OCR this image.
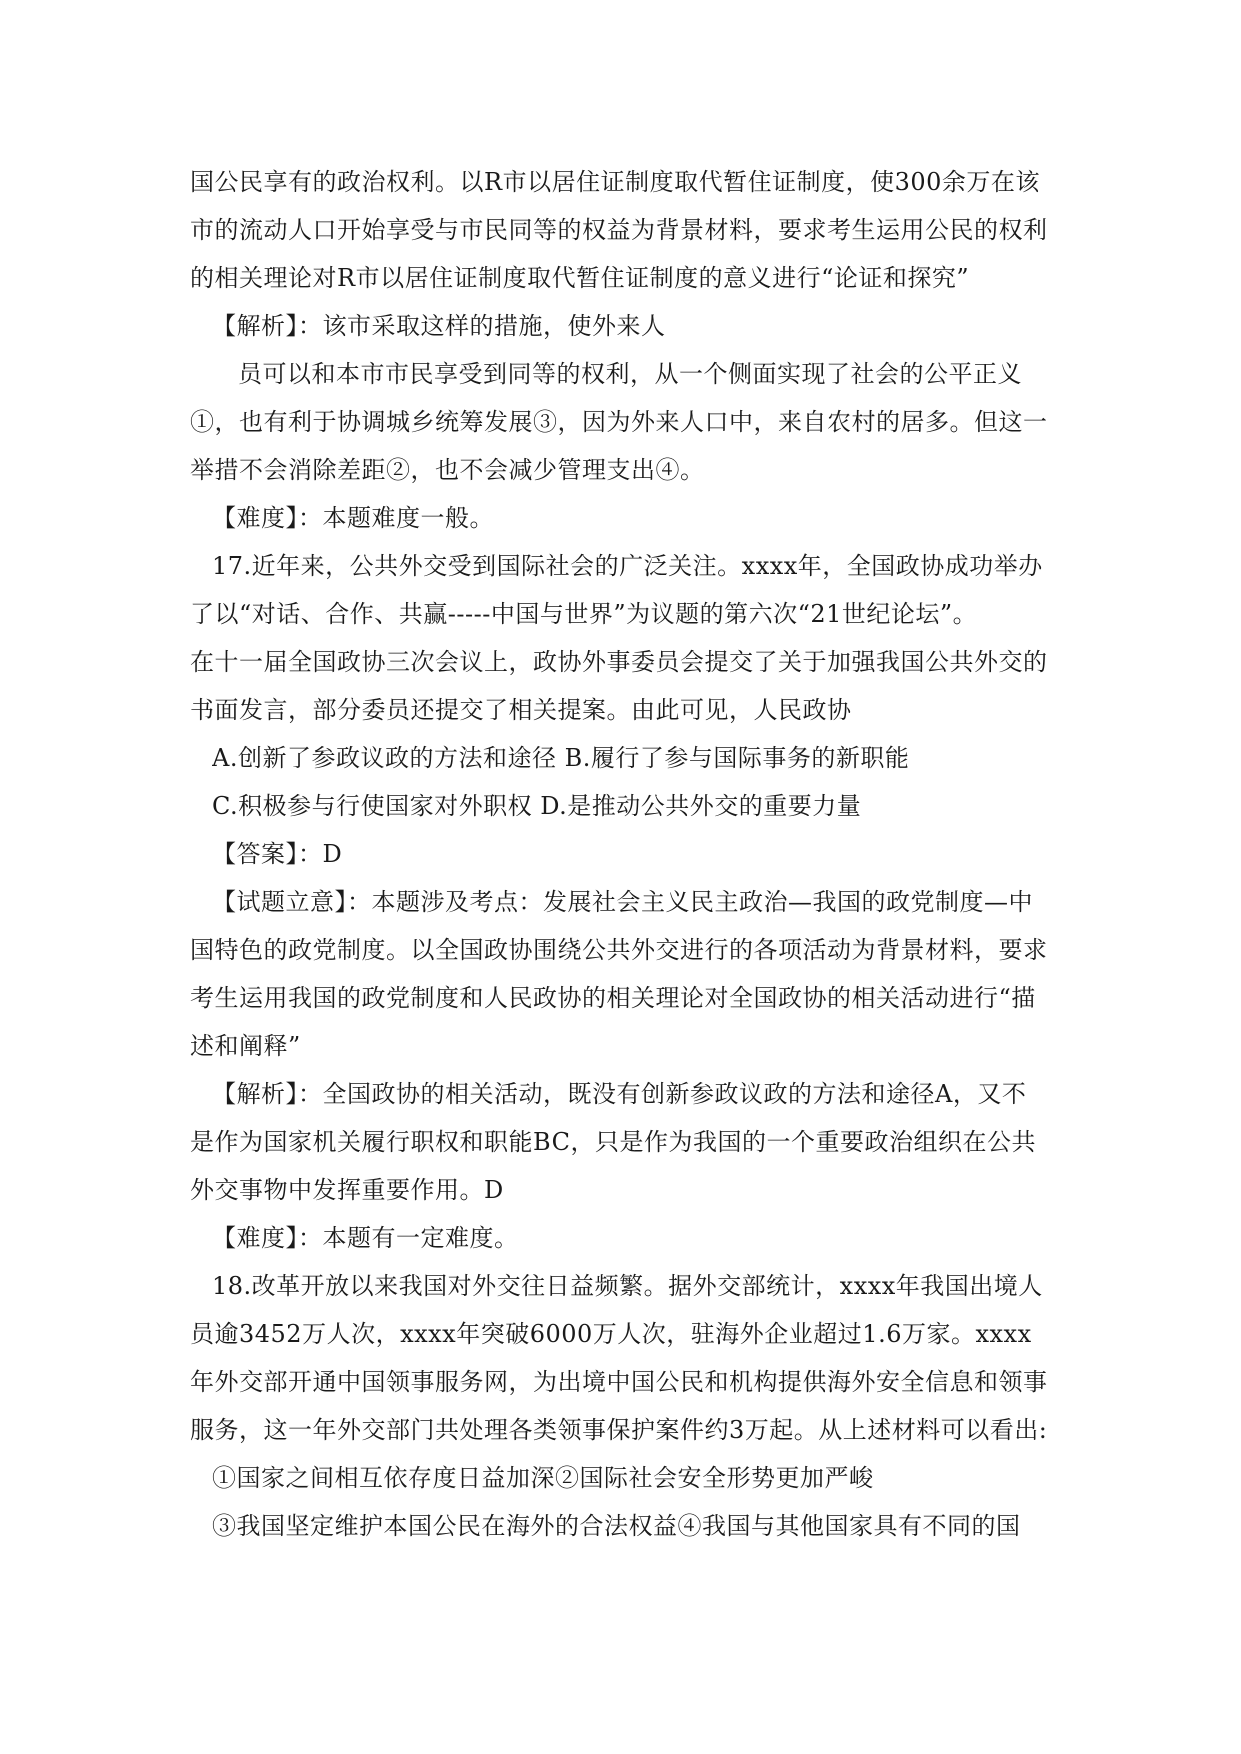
国公民享有的政治权利。以R市以居住证制度取代暂住证制度，使300余万在该
市的流动人口开始享受与市民同等的权益为背景材料，要求考生运用公民的权利
的相关理论对R市以居住证制度取代暂住证制度的意义进行“论证和探究”
【解析】：该市采取这样的措施，使外来人
员可以和本市市民享受到同等的权利，从一个侧面实现了社会的公平正义
①，也有利于协调城乡统筹发展③，因为外来人口中，来自农村的居多。但这一
举措不会消除差距②，也不会减少管理支出④。
【难度】：本题难度一般。
17.近年来，公共外交受到国际社会的广泛关注。xxxx年，全国政协成功举办
了以“对话、合作、共赢-----中国与世界”为议题的第六次“21世纪论坛”。
在十一届全国政协三次会议上，政协外事委员会提交了关于加强我国公共外交的
书面发言，部分委员还提交了相关提案。由此可见，人民政协
A.创新了参政议政的方法和途径 B.履行了参与国际事务的新职能
C.积极参与行使国家对外职权 D.是推动公共外交的重要力量
【答案】：D
【试题立意】：本题涉及考点：发展社会主义民主政治—我国的政党制度—中
国特色的政党制度。以全国政协围绕公共外交进行的各项活动为背景材料，要求
考生运用我国的政党制度和人民政协的相关理论对全国政协的相关活动进行“描
述和阐释”
【解析】：全国政协的相关活动，既没有创新参政议政的方法和途径A，又不
是作为国家机关履行职权和职能BC，只是作为我国的一个重要政治组织在公共
外交事物中发挥重要作用。D
【难度】：本题有一定难度。
18.改革开放以来我国对外交往日益频繁。据外交部统计，xxxx年我国出境人
员逾3452万人次，xxxx年突破6000万人次，驻海外企业超过1.6万家。xxxx
年外交部开通中国领事服务网，为出境中国公民和机构提供海外安全信息和领事
服务，这一年外交部门共处理各类领事保护案件约3万起。从上述材料可以看出:
①国家之间相互依存度日益加深②国际社会安全形势更加严峻
③我国坚定维护本国公民在海外的合法权益④我国与其他国家具有不同的国
